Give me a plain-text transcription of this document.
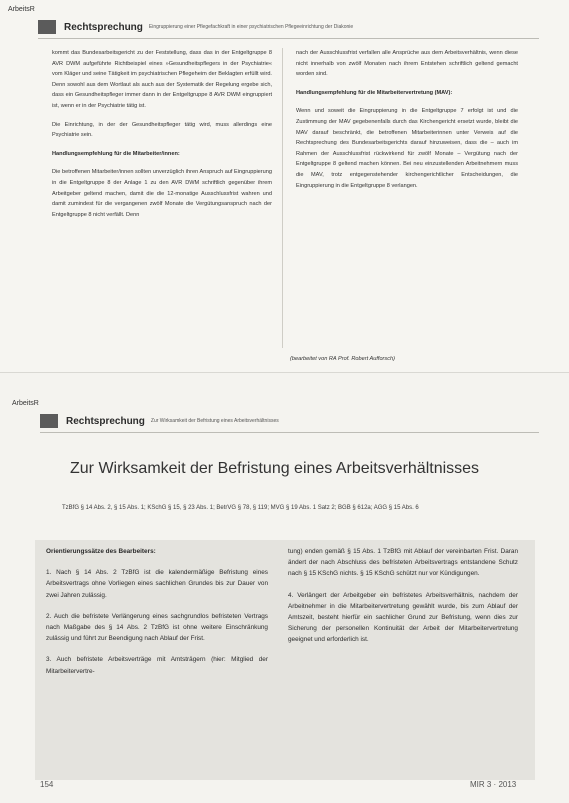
ArbeitsR
Rechtsprechung Eingruppierung einer Pflegefachkraft in einer psychiatrischen Pflegeeinrichtung der Diakonie

kommt das Bundesarbeitsgericht zu der Feststellung, dass das in der Entgeltgruppe 8 AVR DWM aufgeführte Richtbeispiel eines »Gesundheitspflegers in der Psychiatrie« vom Kläger und seine Tätigkeit im psychiatrischen Pflegeheim der Beklagten erfüllt wird. Denn sowohl aus dem Wortlaut als auch aus der Systematik der Regelung ergebe sich, dass ein Gesundheitspfleger immer dann in der Entgeltgruppe 8 AVR DWM eingruppiert ist, wenn er in der Psychiatrie tätig ist.

Die Einrichtung, in der der Gesundheitspfleger tätig wird, muss allerdings eine Psychiatrie sein.

Handlungsempfehlung für die Mitarbeiter/innen:

Die betroffenen Mitarbeiter/innen sollten unverzüglich ihren Anspruch auf Eingruppierung in die Entgeltgruppe 8 der Anlage 1 zu den AVR DWM schriftlich gegenüber ihrem Arbeitgeber geltend machen, damit die die 12-monatige Ausschlussfrist wahren und damit zumindest für die vergangenen zwölf Monate die Vergütungsanspruch nach der Entgeltgruppe 8 nicht verfällt. Denn

nach der Ausschlussfrist verfallen alle Ansprüche aus dem Arbeitsverhältnis, wenn diese nicht innerhalb von zwölf Monaten nach ihrem Entstehen schriftlich geltend gemacht worden sind.

Handlungsempfehlung für die Mitarbeitervertretung (MAV):

Wenn und soweit die Eingruppierung in die Entgeltgruppe 7 erfolgt ist und die Zustimmung der MAV gegebenenfalls durch das Kirchengericht ersetzt wurde, bleibt die MAV darauf beschränkt, die betroffenen Mitarbeiterinnen unter Verweis auf die Rechtsprechung des Bundesarbeitsgerichts darauf hinzuweisen, dass die – auch im Rahmen der Ausschlussfrist rückwirkend für zwölf Monate – Vergütung nach der Entgeltgruppe 8 geltend machen können. Bei neu einzustellenden Arbeitnehmern muss die MAV, trotz entgegenstehender kirchengerichtlicher Entscheidungen, die Eingruppierung in die Entgeltgruppe 8 verlangen.

(bearbeitet von RA Prof. Robert Aufforsch)
ArbeitsR
Rechtsprechung Zur Wirksamkeit der Befristung eines Arbeitsverhältnisses
Zur Wirksamkeit der Befristung eines Arbeitsverhältnisses
TzBfG § 14 Abs. 2, § 15 Abs. 1; KSchG § 15, § 23 Abs. 1; BetrVG § 78, § 119; MVG § 19 Abs. 1 Satz 2; BGB § 612a; AGG § 15 Abs. 6

Orientierungssätze des Bearbeiters:

1. Nach § 14 Abs. 2 TzBfG ist die kalendermäßige Befristung eines Arbeitsvertrags ohne Vorliegen eines sachlichen Grundes bis zur Dauer von zwei Jahren zulässig.

2. Auch die befristete Verlängerung eines sachgrundlos befristeten Vertrags nach Maßgabe des § 14 Abs. 2 TzBfG ist ohne weitere Einschränkung zulässig und führt zur Beendigung nach Ablauf der Frist.

3. Auch befristete Arbeitsverträge mit Amtsträgern (hier: Mitglied der Mitarbeitervertre-

tung) enden gemäß § 15 Abs. 1 TzBfG mit Ablauf der vereinbarten Frist. Daran ändert der nach Abschluss des befristeten Arbeitsvertrags entstandene Schutz nach § 15 KSchG nichts. § 15 KSchG schützt nur vor Kündigungen.

4. Verlängert der Arbeitgeber ein befristetes Arbeitsverhältnis, nachdem der Arbeitnehmer in die Mitarbeitervertretung gewählt wurde, bis zum Ablauf der Amtszeit, besteht hierfür ein sachlicher Grund zur Befristung, wenn dies zur Sicherung der personellen Kontinuität der Arbeit der Mitarbeitervertretung geeignet und erforderlich ist.

154	MIR 3 · 2013
